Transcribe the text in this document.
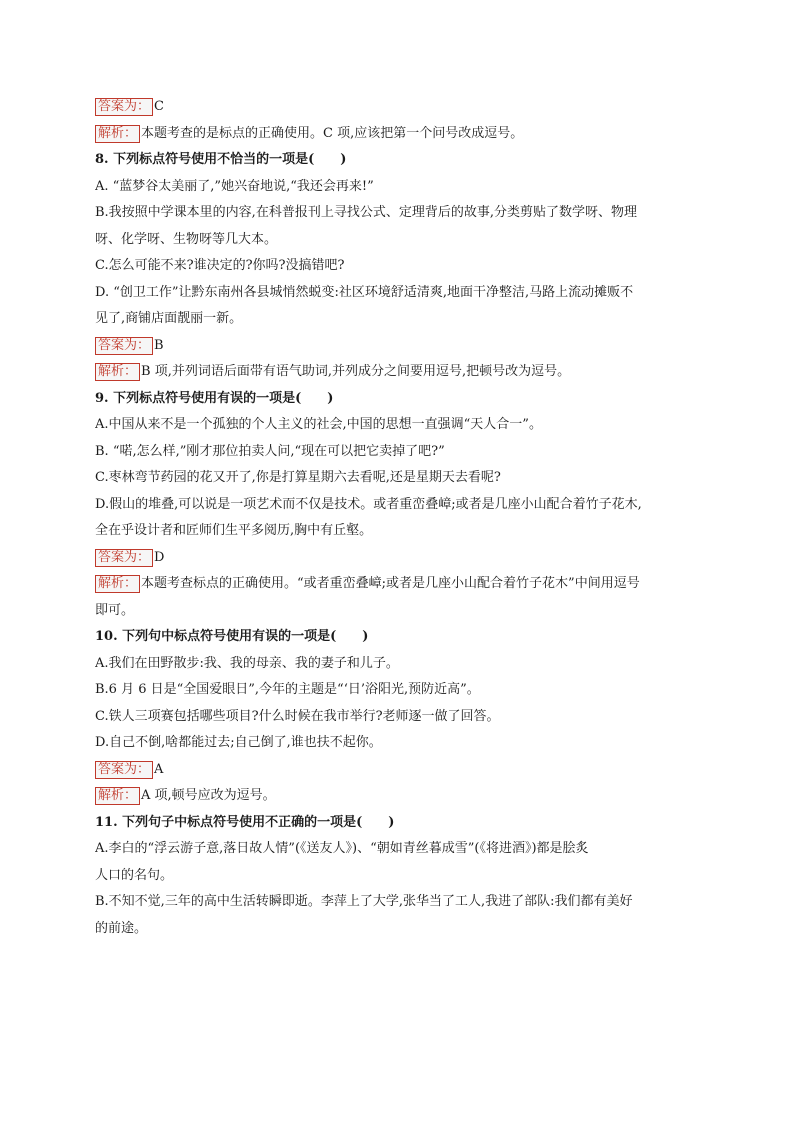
答案为： C
解析： 本题考查的是标点的正确使用。C 项,应该把第一个问号改成逗号。
8. 下列标点符号使用不恰当的一项是(　　)
A. “蓝梦谷太美丽了,”她兴奋地说,“我还会再来!”
B.我按照中学课本里的内容,在科普报刊上寻找公式、定理背后的故事,分类剪贴了数学呀、物理
呀、化学呀、生物呀等几大本。
C.怎么可能不来?谁决定的?你吗?没搞错吧?
D. “创卫工作”让黔东南州各县城悄然蜕变:社区环境舒适清爽,地面干净整洁,马路上流动摊贩不
见了,商铺店面靓丽一新。
答案为： B
解析： B 项,并列词语后面带有语气助词,并列成分之间要用逗号,把顿号改为逗号。
9. 下列标点符号使用有误的一项是(　　)
A.中国从来不是一个孤独的个人主义的社会,中国的思想一直强调“天人合一”。
B. “喏,怎么样,”刚才那位拍卖人问,“现在可以把它卖掉了吧?”
C.枣林弯节药园的花又开了,你是打算星期六去看呢,还是星期天去看呢?
D.假山的堆叠,可以说是一项艺术而不仅是技术。或者重峦叠嶂;或者是几座小山配合着竹子花木,
全在乎设计者和匠师们生平多阅历,胸中有丘壑。
答案为： D
解析： 本题考查标点的正确使用。“或者重峦叠嶂;或者是几座小山配合着竹子花木”中间用逗号
即可。
10. 下列句中标点符号使用有误的一项是(　　)
A.我们在田野散步:我、我的母亲、我的妻子和儿子。
B.6 月 6 日是“全国爱眼日”,今年的主题是“‘日’浴阳光,预防近高”。
C.铁人三项赛包括哪些项目?什么时候在我市举行?老师逐一做了回答。
D.自己不倒,啥都能过去;自己倒了,谁也扶不起你。
答案为： A
解析： A 项,顿号应改为逗号。
11. 下列句子中标点符号使用不正确的一项是(　　)
A.李白的“浮云游子意,落日故人情”(《送友人》)、“朝如青丝暮成雪”(《将进酒》)都是脍炙
人口的名句。
B.不知不觉,三年的高中生活转瞬即逝。李萍上了大学,张华当了工人,我进了部队:我们都有美好
的前途。
